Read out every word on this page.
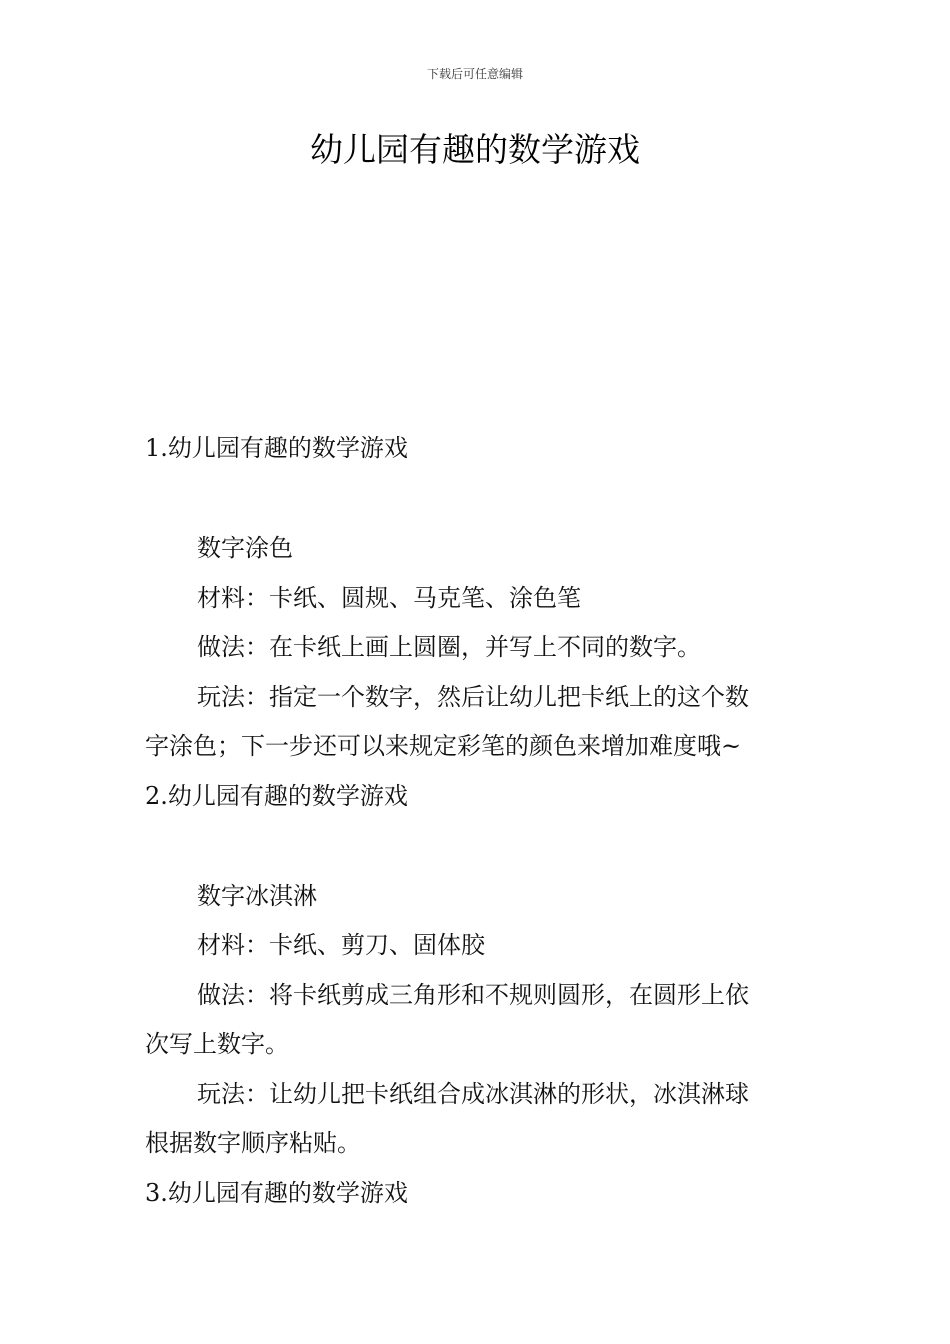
下载后可任意编辑
幼儿园有趣的数学游戏

1.幼儿园有趣的数学游戏

数字涂色

材料：卡纸、圆规、马克笔、涂色笔

做法：在卡纸上画上圆圈，并写上不同的数字。

玩法：指定一个数字，然后让幼儿把卡纸上的这个数

字涂色；下一步还可以来规定彩笔的颜色来增加难度哦~

2.幼儿园有趣的数学游戏

数字冰淇淋

材料：卡纸、剪刀、固体胶

做法：将卡纸剪成三角形和不规则圆形，在圆形上依

次写上数字。

玩法：让幼儿把卡纸组合成冰淇淋的形状，冰淇淋球

根据数字顺序粘贴。

3.幼儿园有趣的数学游戏
